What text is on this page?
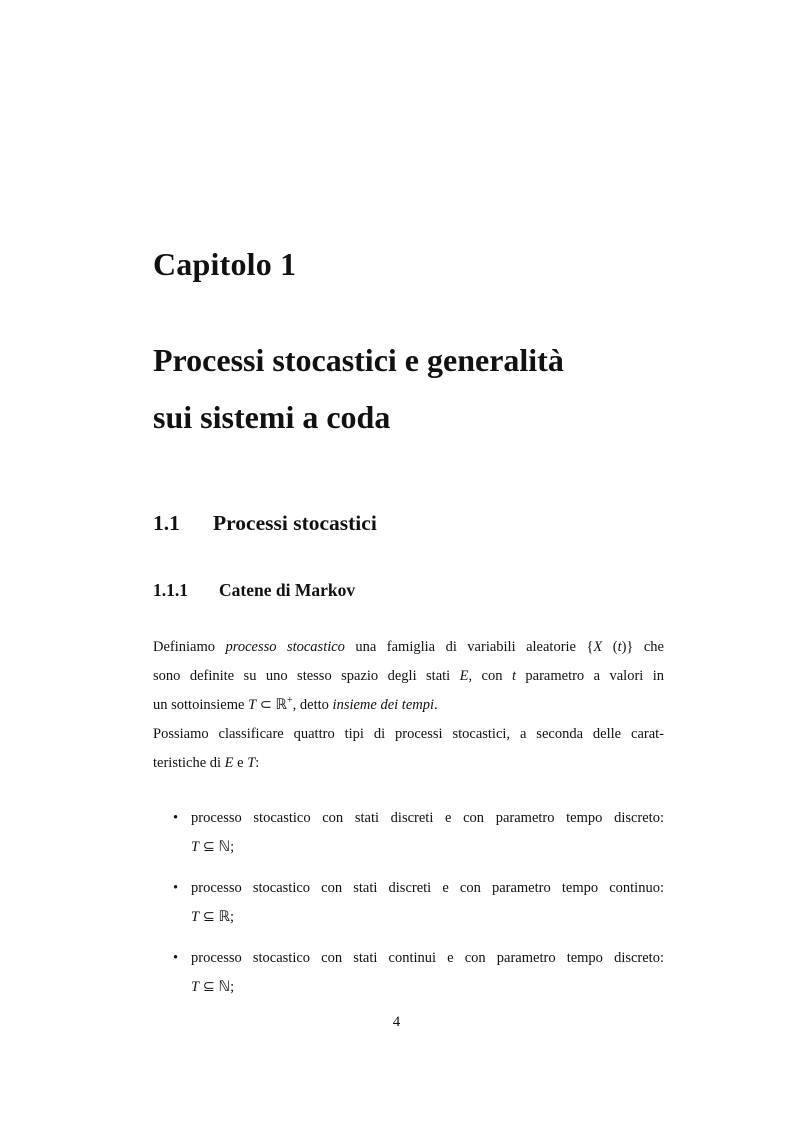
Capitolo 1
Processi stocastici e generalità
sui sistemi a coda
1.1 Processi stocastici
1.1.1 Catene di Markov
Definiamo processo stocastico una famiglia di variabili aleatorie {X (t)} che
sono definite su uno stesso spazio degli stati E, con t parametro a valori in
un sottoinsieme T ⊂ ℝ+, detto insieme dei tempi.
Possiamo classificare quattro tipi di processi stocastici, a seconda delle carat-
teristiche di E e T:
• processo stocastico con stati discreti e con parametro tempo discreto:
T ⊆ ℕ;
• processo stocastico con stati discreti e con parametro tempo continuo:
T ⊆ ℝ;
• processo stocastico con stati continui e con parametro tempo discreto:
T ⊆ ℕ;
4
